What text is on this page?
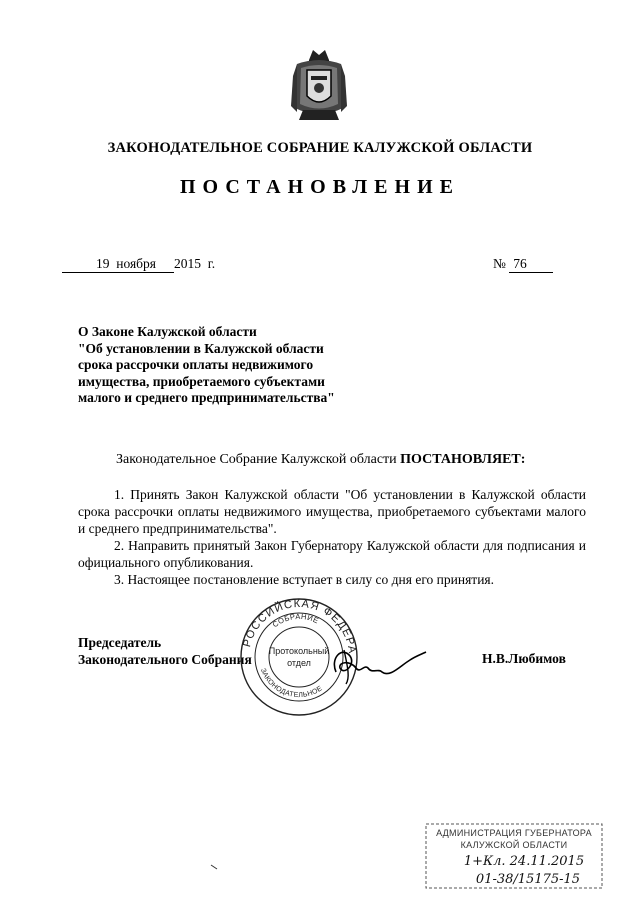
ЗАКОНОДАТЕЛЬНОЕ СОБРАНИЕ КАЛУЖСКОЙ ОБЛАСТИ
ПОСТАНОВЛЕНИЕ
19 ноября 2015 г.	№ 76
О Законе Калужской области
"Об установлении в Калужской области
срока рассрочки оплаты недвижимого
имущества, приобретаемого субъектами
малого и среднего предпринимательства"
Законодательное Собрание Калужской области ПОСТАНОВЛЯЕТ:

1. Принять Закон Калужской области "Об установлении в Калужской области срока рассрочки оплаты недвижимого имущества, приобретаемого субъектами малого и среднего предпринимательства".

2. Направить принятый Закон Губернатору Калужской области для подписания и официального опубликования.

3. Настоящее постановление вступает в силу со дня его принятия.

Председатель
Законодательного Собрания
РОССИЙСКАЯ ФЕДЕРА
СОБРАНИЕ
ЗАКОНОДАТЕЛЬНОЕ
Протокольный
отдел	Н.В.Любимов
АДМИНИСТРАЦИЯ ГУБЕРНАТОРА
КАЛУЖСКОЙ ОБЛАСТИ
1+Кл. 24.11.2015
01-38/15175-15
